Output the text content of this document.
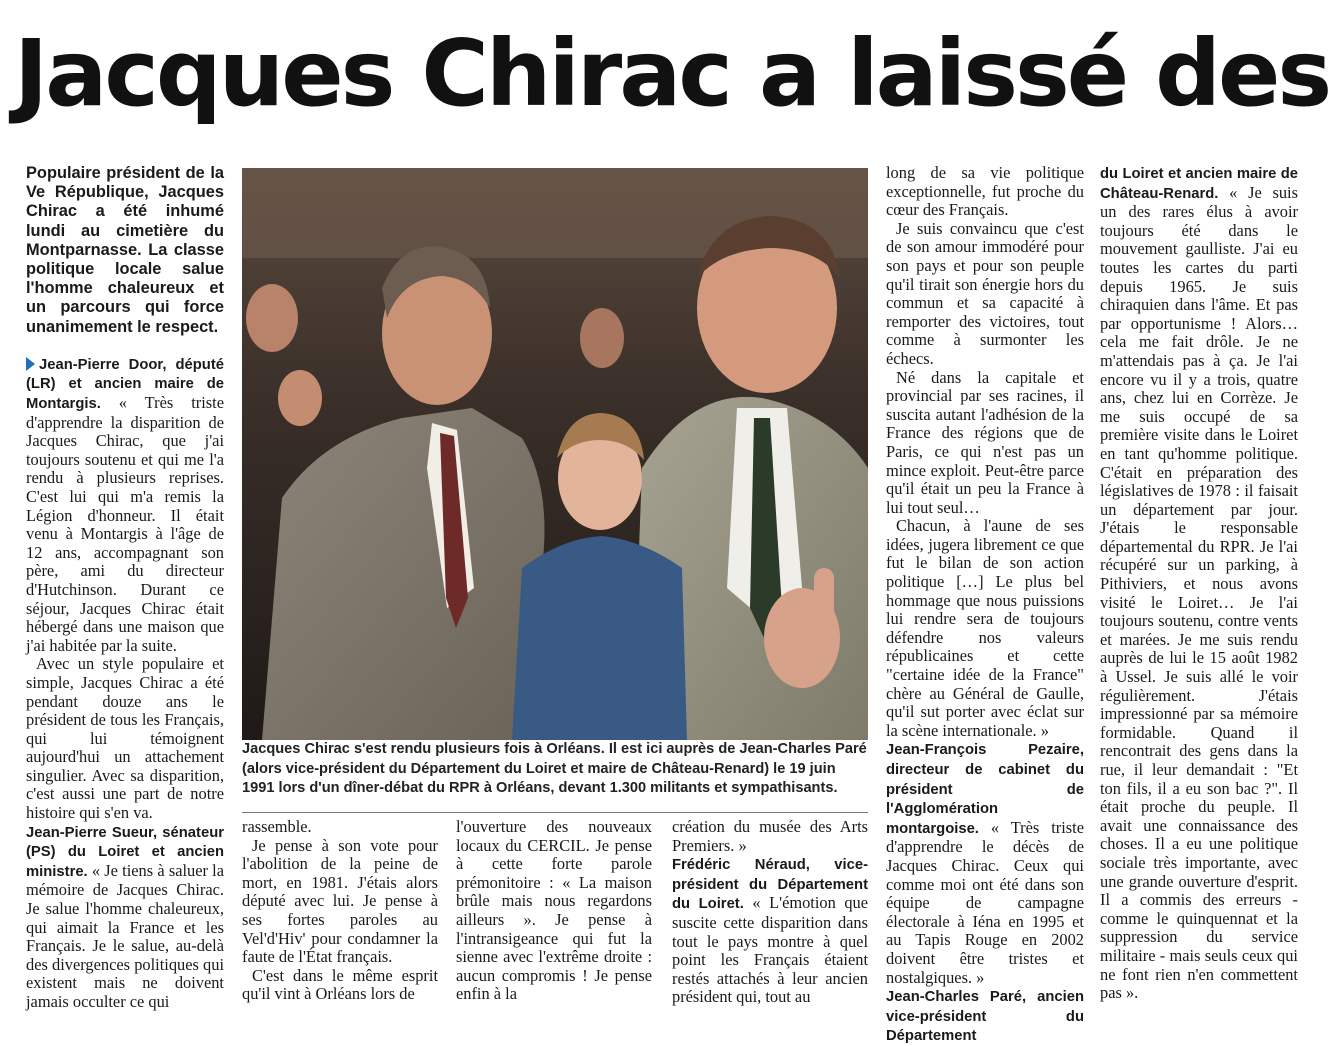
Jacques Chirac a laissé des
Populaire président de la Ve République, Jacques Chirac a été inhumé lundi au cimetière du Montparnasse. La classe politique locale salue l'homme chaleureux et un parcours qui force unanimement le respect.

Jean-Pierre Door, député (LR) et ancien maire de Montargis. « Très triste d'apprendre la disparition de Jacques Chirac, que j'ai toujours soutenu et qui me l'a rendu à plusieurs reprises. C'est lui qui m'a remis la Légion d'honneur. Il était venu à Montargis à l'âge de 12 ans, accompagnant son père, ami du directeur d'Hutchinson. Durant ce séjour, Jacques Chirac était hébergé dans une maison que j'ai habitée par la suite.

Avec un style populaire et simple, Jacques Chirac a été pendant douze ans le président de tous les Français, qui lui témoignent aujourd'hui un attachement singulier. Avec sa disparition, c'est aussi une part de notre histoire qui s'en va.

Jean-Pierre Sueur, sénateur (PS) du Loiret et ancien ministre. « Je tiens à saluer la mémoire de Jacques Chirac. Je salue l'homme chaleureux, qui aimait la France et les Français. Je le salue, au-delà des divergences politiques qui existent mais ne doivent jamais occulter ce qui

Jacques Chirac s'est rendu plusieurs fois à Orléans. Il est ici auprès de Jean-Charles Paré (alors vice-président du Département du Loiret et maire de Château-Renard) le 19 juin 1991 lors d'un dîner-débat du RPR à Orléans, devant 1.300 militants et sympathisants.

rassemble.

Je pense à son vote pour l'abolition de la peine de mort, en 1981. J'étais alors député avec lui. Je pense à ses fortes paroles au Vel'd'Hiv' pour condamner la faute de l'État français.

C'est dans le même esprit qu'il vint à Orléans lors de

l'ouverture des nouveaux locaux du CERCIL. Je pense à cette forte parole prémonitoire : « La maison brûle mais nous regardons ailleurs ». Je pense à l'intransigeance qui fut la sienne avec l'extrême droite : aucun compromis ! Je pense enfin à la

création du musée des Arts Premiers. »

Frédéric Néraud, vice-président du Département du Loiret. « L'émotion que suscite cette disparition dans tout le pays montre à quel point les Français étaient restés attachés à leur ancien président qui, tout au

long de sa vie politique exceptionnelle, fut proche du cœur des Français.

Je suis convaincu que c'est de son amour immodéré pour son pays et pour son peuple qu'il tirait son énergie hors du commun et sa capacité à remporter des victoires, tout comme à surmonter les échecs.

Né dans la capitale et provincial par ses racines, il suscita autant l'adhésion de la France des régions que de Paris, ce qui n'est pas un mince exploit. Peut-être parce qu'il était un peu la France à lui tout seul…

Chacun, à l'aune de ses idées, jugera librement ce que fut le bilan de son action politique […] Le plus bel hommage que nous puissions lui rendre sera de toujours défendre nos valeurs républicaines et cette "certaine idée de la France" chère au Général de Gaulle, qu'il sut porter avec éclat sur la scène internationale. »

Jean-François Pezaire, directeur de cabinet du président de l'Agglomération montargoise. « Très triste d'apprendre le décès de Jacques Chirac. Ceux qui comme moi ont été dans son équipe de campagne électorale à Iéna en 1995 et au Tapis Rouge en 2002 doivent être tristes et nostalgiques. »

Jean-Charles Paré, ancien vice-président du Département

du Loiret et ancien maire de Château-Renard. « Je suis un des rares élus à avoir toujours été dans le mouvement gaulliste. J'ai eu toutes les cartes du parti depuis 1965. Je suis chiraquien dans l'âme. Et pas par opportunisme ! Alors… cela me fait drôle. Je ne m'attendais pas à ça. Je l'ai encore vu il y a trois, quatre ans, chez lui en Corrèze. Je me suis occupé de sa première visite dans le Loiret en tant qu'homme politique. C'était en préparation des législatives de 1978 : il faisait un département par jour. J'étais le responsable départemental du RPR. Je l'ai récupéré sur un parking, à Pithiviers, et nous avons visité le Loiret… Je l'ai toujours soutenu, contre vents et marées. Je me suis rendu auprès de lui le 15 août 1982 à Ussel. Je suis allé le voir régulièrement. J'étais impressionné par sa mémoire formidable. Quand il rencontrait des gens dans la rue, il leur demandait : "Et ton fils, il a eu son bac ?". Il était proche du peuple. Il avait une connaissance des choses. Il a eu une politique sociale très importante, avec une grande ouverture d'esprit. Il a commis des erreurs - comme le quinquennat et la suppression du service militaire - mais seuls ceux qui ne font rien n'en commettent pas ».
